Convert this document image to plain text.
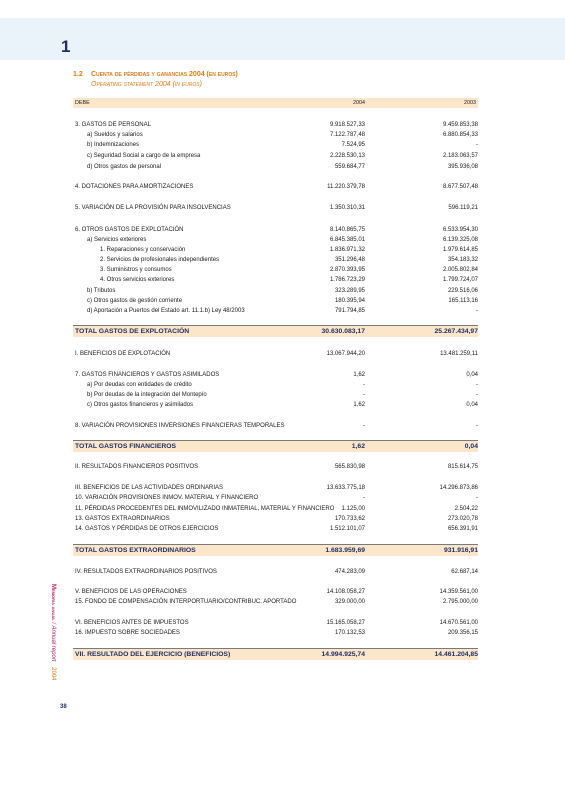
1
1.2 Cuenta de pérdidas y ganancias 2004 (en euros)
Operating statement 2004 (in euros)
DEBE	2004	2003
3. GASTOS DE PERSONAL	9.918.527,33	9.459.853,38
a) Sueldos y salarios	7.122.787,48	6.880.854,33
b) Indemnizaciones	7.524,95	-
c) Seguridad Social a cargo de la empresa	2.228.530,13	2.183.063,57
d) Otros gastos de personal	559.684,77	395.936,08
4. DOTACIONES PARA AMORTIZACIONES	11.220.379,78	8.677.507,48
5. VARIACIÓN DE LA PROVISIÓN PARA INSOLVENCIAS	1.350.310,31	596.119,21
6. OTROS GASTOS DE EXPLOTACIÓN	8.140.865,75	6.533.954,30
a) Servicios exteriores	6.845.385,01	6.139.325,08
1. Reparaciones y conservación	1.836.971,32	1.979.614,85
2. Servicios de profesionales independientes	351.296,48	354.183,32
3. Suministros y consumos	2.870.393,95	2.005.802,84
4. Otros servicios exteriores	1.786.723,29	1.799.724,07
b) Tributos	323.289,95	229.516,06
c) Otros gastos de gestión corriente	180.395,94	165.113,16
d) Aportación a Puertos del Estado art. 11.1.b) Ley 48/2003	791.794,85	-
TOTAL GASTOS DE EXPLOTACIÓN	30.630.083,17	25.267.434,97
I. BENEFICIOS DE EXPLOTACIÓN	13.067.944,20	13.481.259,11
7. GASTOS FINANCIEROS Y GASTOS ASIMILADOS	1,62	0,04
a) Por deudas con entidades de crédito	-	-
b) Por deudas de la integración del Montepío	-	-
c) Otros gastos financieros y asimilados	1,62	0,04
8. VARIACIÓN PROVISIONES INVERSIONES FINANCIERAS TEMPORALES	-	-
TOTAL GASTOS FINANCIEROS	1,62	0,04
II. RESULTADOS FINANCIEROS POSITIVOS	565.830,98	815.614,75
III. BENEFICIOS DE LAS ACTIVIDADES ORDINARIAS	13.633.775,18	14.296.873,86
10. VARIACIÓN PROVISIONES INMOV. MATERIAL Y FINANCIERO	-	-
11. PÉRDIDAS PROCEDENTES DEL INMOVILIZADO INMATERIAL, MATERIAL Y FINANCIERO 1.125,00	2.504,22
13. GASTOS EXTRAORDINARIOS	170.733,62	273.020,78
14. GASTOS Y PÉRDIDAS DE OTROS EJERCICIOS	1.512.101,07	656.391,91
TOTAL GASTOS EXTRAORDINARIOS	1.683.959,69	931.916,91
IV. RESULTADOS EXTRAORDINARIOS POSITIVOS	474.283,09	62.687,14
V. BENEFICIOS DE LAS OPERACIONES	14.108.058,27	14.359.561,00
15. FONDO DE COMPENSACIÓN INTERPORTUARIO/CONTRIBUC. APORTADO	329.000,00	2.795.000,00
VI. BENEFICIOS ANTES DE IMPUESTOS	15.165.058,27	14.670.561,00
16. IMPUESTO SOBRE SOCIEDADES	170.132,53	209.356,15
VII. RESULTADO DEL EJERCICIO (BENEFICIOS)	14.994.925,74	14.461.204,85
Memoria anual / Annual report 2004
38
